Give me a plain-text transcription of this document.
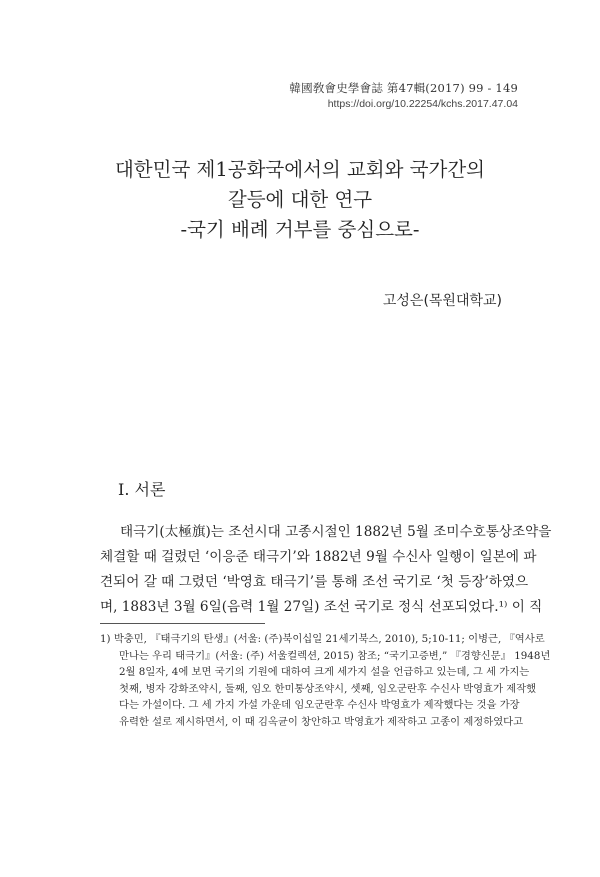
韓國敎會史學會誌 第47輯(2017) 99 - 149
https://doi.org/10.22254/kchs.2017.47.04
대한민국 제1공화국에서의 교회와 국가간의
갈등에 대한 연구
-국기 배례 거부를 중심으로-
고성은(목원대학교)
I. 서론
태극기(太極旗)는 조선시대 고종시절인 1882년 5월 조미수호통상조약을
체결할 때 걸렸던 ‘이응준 태극기’와 1882년 9월 수신사 일행이 일본에 파
견되어 갈 때 그렸던 ‘박영효 태극기’를 통해 조선 국기로 ‘첫 등장’하였으
며, 1883년 3월 6일(음력 1월 27일) 조선 국기로 정식 선포되었다.¹⁾ 이 직
1) 박충민, 『태극기의 탄생』(서울: (주)북이십일 21세기북스, 2010), 5;10-11; 이병근, 『역사로
만나는 우리 태극기』(서울: (주) 서울컬렉션, 2015) 참조; “국기고증변,” 『경향신문』 1948년
2월 8일자, 4에 보면 국기의 기원에 대하여 크게 세가지 설을 언급하고 있는데, 그 세 가지는
첫째, 병자 강화조약시, 둘째, 임오 한미통상조약시, 셋째, 임오군란후 수신사 박영효가 제작했
다는 가설이다. 그 세 가지 가설 가운데 임오군란후 수신사 박영효가 제작했다는 것을 가장
유력한 설로 제시하면서, 이 때 김옥균이 창안하고 박영효가 제작하고 고종이 제정하였다고
